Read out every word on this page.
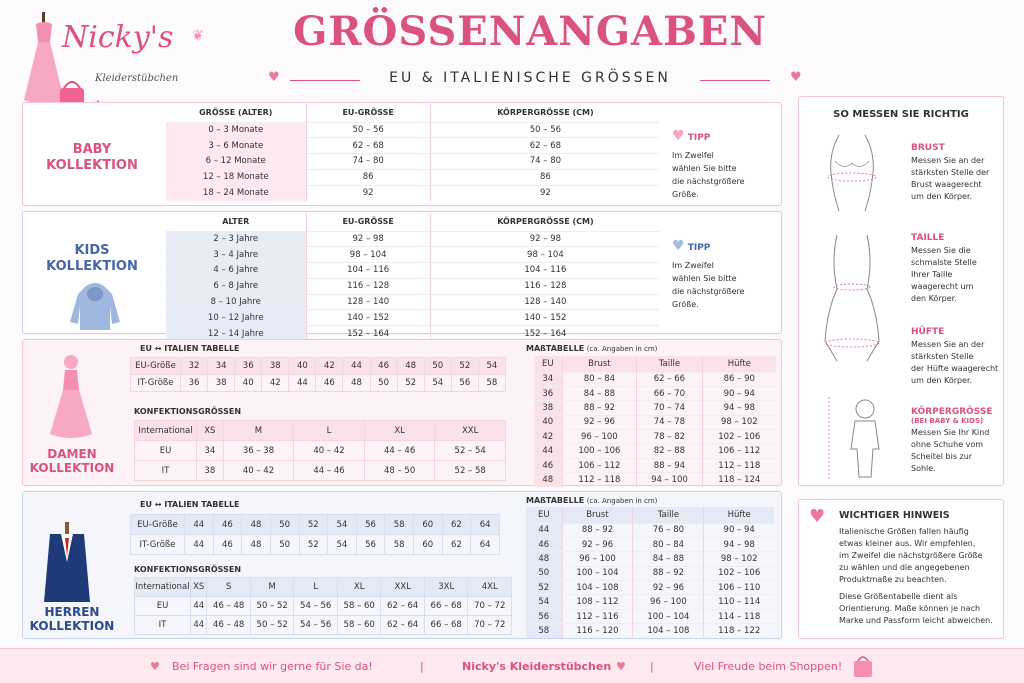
❦
Nicky's
Kleiderstübchen
GRÖSSENANGABEN
EU & ITALIENISCHE GRÖSSEN
♥	♥
BABY
KOLLEKTION
GRÖSSE (ALTER)	EU-GRÖSSE	KÖRPERGRÖSSE (CM)
0 – 3 Monate	50 – 56	50 – 56
3 – 6 Monate	62 – 68	62 – 68
6 – 12 Monate	74 – 80	74 – 80
12 – 18 Monate	86	86
18 – 24 Monate	92	92
♥ TIPP
Im Zweifel
wählen Sie bitte
die nächstgrößere
Größe.
KIDS
KOLLEKTION
ALTER	EU-GRÖSSE	KÖRPERGRÖSSE (CM)
2 – 3 Jahre	92 – 98	92 – 98
3 – 4 Jahre	98 – 104	98 – 104
4 – 6 Jahre	104 – 116	104 – 116
6 – 8 Jahre	116 – 128	116 – 128
8 – 10 Jahre	128 – 140	128 – 140
10 – 12 Jahre	140 – 152	140 – 152
12 – 14 Jahre	152 – 164	152 – 164
♥ TIPP
Im Zweifel
wählen Sie bitte
die nächstgrößere
Größe.
DAMEN
KOLLEKTION
EU ↔ ITALIEN TABELLE
EU-Größe	32	34	36	38	40	42	44	46	48	50	52	54
IT-Größe	36	38	40	42	44	46	48	50	52	54	56	58
KONFEKTIONSGRÖSSEN
International	XS	M	L	XL	XXL
EU	34	36 – 38	40 – 42	44 – 46	52 – 54
IT	38	40 – 42	44 – 46	48 – 50	52 – 58
MAßTABELLE (ca. Angaben in cm)
EU	Brust	Taille	Hüfte
34	80 – 84	62 – 66	86 – 90
36	84 – 88	66 – 70	90 – 94
38	88 – 92	70 – 74	94 – 98
40	92 – 96	74 – 78	98 – 102
42	96 – 100	78 – 82	102 – 106
44	100 – 106	82 – 88	106 – 112
46	106 – 112	88 – 94	112 – 118
48	112 – 118	94 – 100	118 – 124
HERREN
KOLLEKTION
EU ↔ ITALIEN TABELLE
EU-Größe	44	46	48	50	52	54	56	58	60	62	64
IT-Größe	44	46	48	50	52	54	56	58	60	62	64
KONFEKTIONSGRÖSSEN
International	XS	S	M	L	XL	XXL	3XL	4XL
EU	44	46 – 48	50 – 52	54 – 56	58 – 60	62 – 64	66 – 68	70 – 72
IT	44	46 – 48	50 – 52	54 – 56	58 – 60	62 – 64	66 – 68	70 – 72
MAßTABELLE (ca. Angaben in cm)
EU	Brust	Taille	Hüfte
44	88 – 92	76 – 80	90 – 94
46	92 – 96	80 – 84	94 – 98
48	96 – 100	84 – 88	98 – 102
50	100 – 104	88 – 92	102 – 106
52	104 – 108	92 – 96	106 – 110
54	108 – 112	96 – 100	110 – 114
56	112 – 116	100 – 104	114 – 118
58	116 – 120	104 – 108	118 – 122
SO MESSEN SIE RICHTIG
BRUST

Messen Sie an der

stärksten Stelle der

Brust waagerecht

um den Körper.

TAILLE

Messen Sie die

schmalste Stelle

Ihrer Taille

waagerecht um

den Körper.

HÜFTE

Messen Sie an der

stärksten Stelle

der Hüfte waagerecht

um den Körper.

KÖRPERGRÖSSE
(BEI BABY & KIDS)

Messen Sie Ihr Kind

ohne Schuhe vom

Scheitel bis zur

Sohle.

♥ WICHTIGER HINWEIS

Italienische Größen fallen häufig

etwas kleiner aus. Wir empfehlen,

im Zweifel die nächstgrößere Größe

zu wählen und die angegebenen

Produktmaße zu beachten.

Diese Größentabelle dient als

Orientierung. Maße können je nach

Marke und Passform leicht abweichen.

♥ Bei Fragen sind wir gerne für Sie da!	|	Nicky's Kleiderstübchen ♥ |	Viel Freude beim Shoppen!
